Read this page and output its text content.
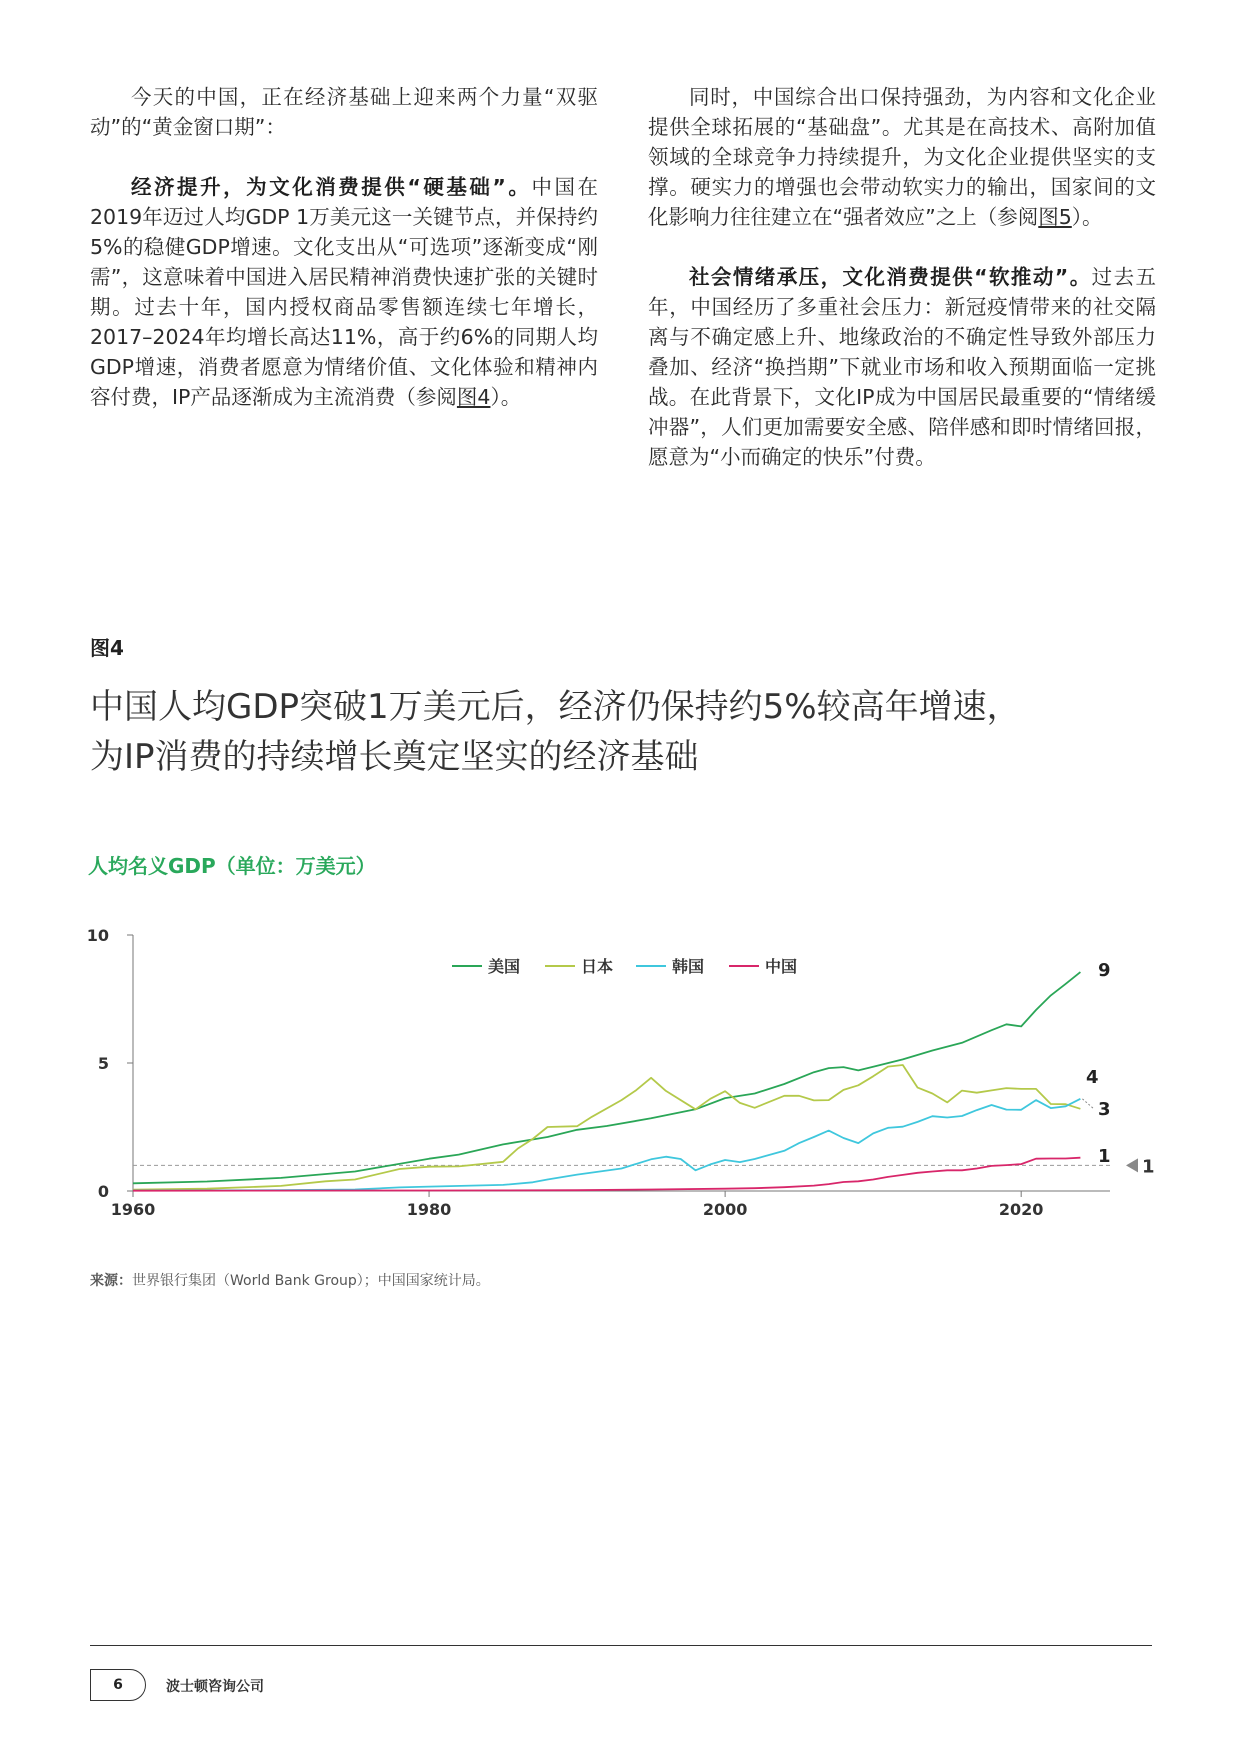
今天的中国，正在经济基础上迎来两个力量“双驱动”的“黄金窗口期”：

经济提升，为文化消费提供“硬基础”。中国在2019年迈过人均GDP 1万美元这一关键节点，并保持约5%的稳健GDP增速。文化支出从“可选项”逐渐变成“刚需”，这意味着中国进入居民精神消费快速扩张的关键时期。过去十年，国内授权商品零售额连续七年增长，2017–2024年均增长高达11%，高于约6%的同期人均GDP增速，消费者愿意为情绪价值、文化体验和精神内容付费，IP产品逐渐成为主流消费（参阅图4）。

同时，中国综合出口保持强劲，为内容和文化企业提供全球拓展的“基础盘”。尤其是在高技术、高附加值领域的全球竞争力持续提升，为文化企业提供坚实的支撑。硬实力的增强也会带动软实力的输出，国家间的文化影响力往往建立在“强者效应”之上（参阅图5）。

社会情绪承压，文化消费提供“软推动”。过去五年，中国经历了多重社会压力：新冠疫情带来的社交隔离与不确定感上升、地缘政治的不确定性导致外部压力叠加、经济“换挡期”下就业市场和收入预期面临一定挑战。在此背景下，文化IP成为中国居民最重要的“情绪缓冲器”，人们更加需要安全感、陪伴感和即时情绪回报，愿意为“小而确定的快乐”付费。

图4
中国人均GDP突破1万美元后，经济仍保持约5%较高年增速，
为IP消费的持续增长奠定坚实的经济基础
人均名义GDP（单位：万美元）
0
5
10
1960	1980	2000	2020
1
9
4
3
1
美国	日本	韩国	中国
来源：世界银行集团（World Bank Group）；中国国家统计局。
6	波士顿咨询公司
